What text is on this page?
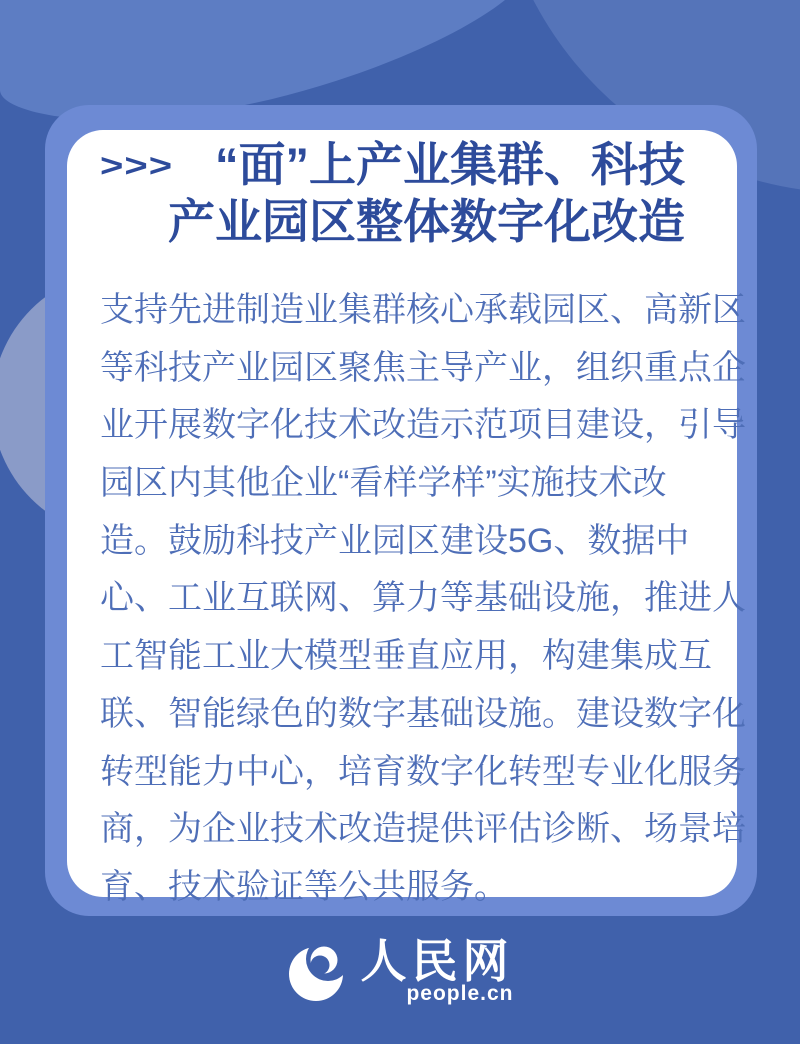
>>> “面”上产业集群、科技
产业园区整体数字化改造
支持先进制造业集群核心承载园区、高新区
等科技产业园区聚焦主导产业，组织重点企
业开展数字化技术改造示范项目建设，引导
园区内其他企业“看样学样”实施技术改
造。鼓励科技产业园区建设5G、数据中
心、工业互联网、算力等基础设施，推进人
工智能工业大模型垂直应用，构建集成互
联、智能绿色的数字基础设施。建设数字化
转型能力中心，培育数字化转型专业化服务
商，为企业技术改造提供评估诊断、场景培
育、技术验证等公共服务。
人民网
people.cn
